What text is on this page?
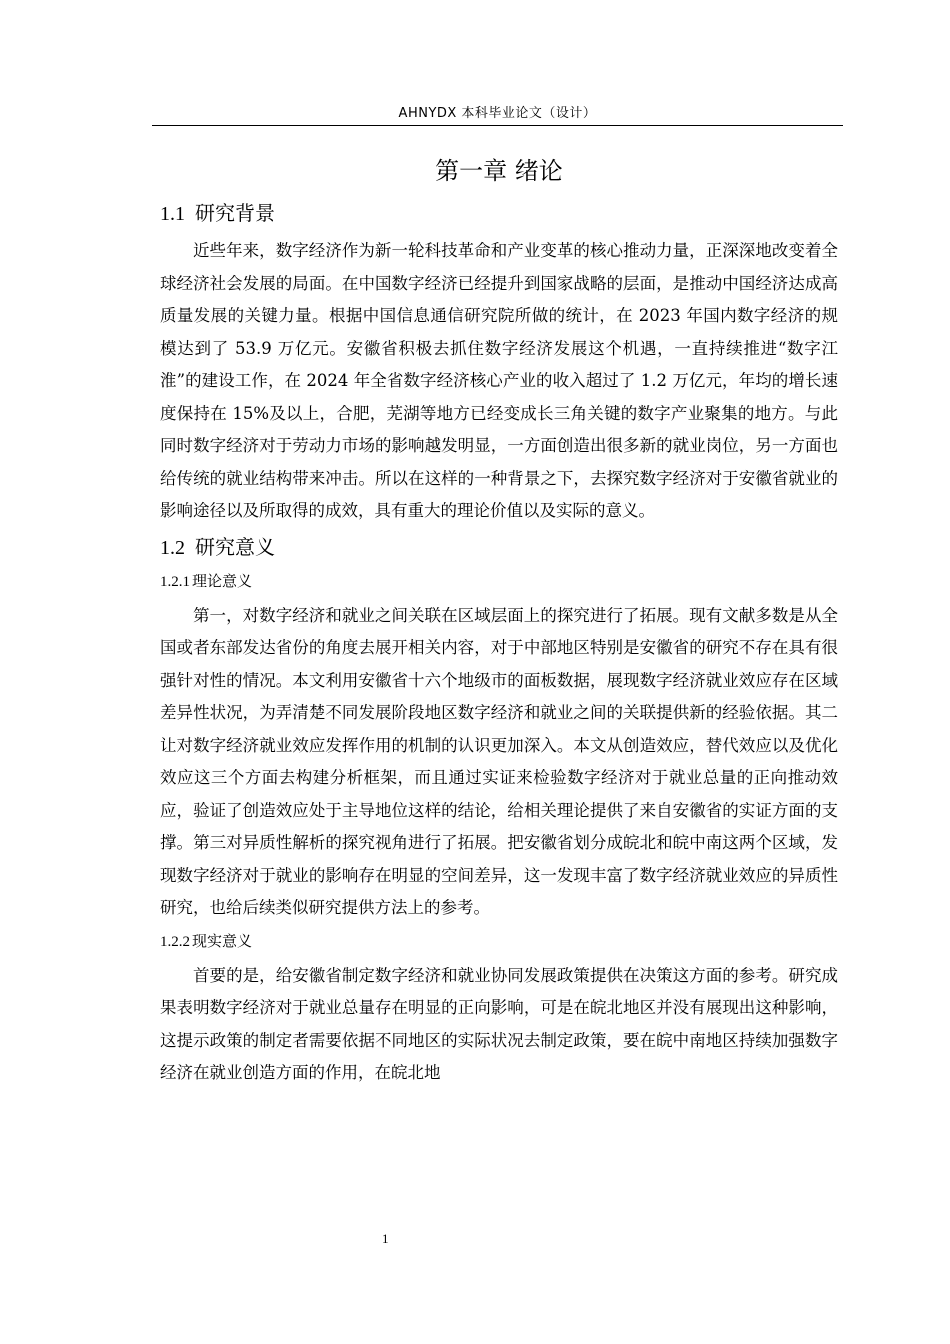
AHNYDX 本科毕业论文（设计）
第一章 绪论
1.1 研究背景

近些年来，数字经济作为新一轮科技革命和产业变革的核心推动力量，正深深地改变着全球经济社会发展的局面。在中国数字经济已经提升到国家战略的层面，是推动中国经济达成高质量发展的关键力量。根据中国信息通信研究院所做的统计，在 2023 年国内数字经济的规模达到了 53.9 万亿元。安徽省积极去抓住数字经济发展这个机遇，一直持续推进“数字江淮”的建设工作，在 2024 年全省数字经济核心产业的收入超过了 1.2 万亿元，年均的增长速度保持在 15%及以上，合肥，芜湖等地方已经变成长三角关键的数字产业聚集的地方。与此同时数字经济对于劳动力市场的影响越发明显，一方面创造出很多新的就业岗位，另一方面也给传统的就业结构带来冲击。所以在这样的一种背景之下，去探究数字经济对于安徽省就业的影响途径以及所取得的成效，具有重大的理论价值以及实际的意义。

1.2 研究意义
1.2.1 理论意义

第一，对数字经济和就业之间关联在区域层面上的探究进行了拓展。现有文献多数是从全国或者东部发达省份的角度去展开相关内容，对于中部地区特别是安徽省的研究不存在具有很强针对性的情况。本文利用安徽省十六个地级市的面板数据，展现数字经济就业效应存在区域差异性状况，为弄清楚不同发展阶段地区数字经济和就业之间的关联提供新的经验依据。其二让对数字经济就业效应发挥作用的机制的认识更加深入。本文从创造效应，替代效应以及优化效应这三个方面去构建分析框架，而且通过实证来检验数字经济对于就业总量的正向推动效应，验证了创造效应处于主导地位这样的结论，给相关理论提供了来自安徽省的实证方面的支撑。第三对异质性解析的探究视角进行了拓展。把安徽省划分成皖北和皖中南这两个区域，发现数字经济对于就业的影响存在明显的空间差异，这一发现丰富了数字经济就业效应的异质性研究，也给后续类似研究提供方法上的参考。

1.2.2 现实意义

首要的是，给安徽省制定数字经济和就业协同发展政策提供在决策这方面的参考。研究成果表明数字经济对于就业总量存在明显的正向影响，可是在皖北地区并没有展现出这种影响，这提示政策的制定者需要依据不同地区的实际状况去制定政策，要在皖中南地区持续加强数字经济在就业创造方面的作用，在皖北地

1
